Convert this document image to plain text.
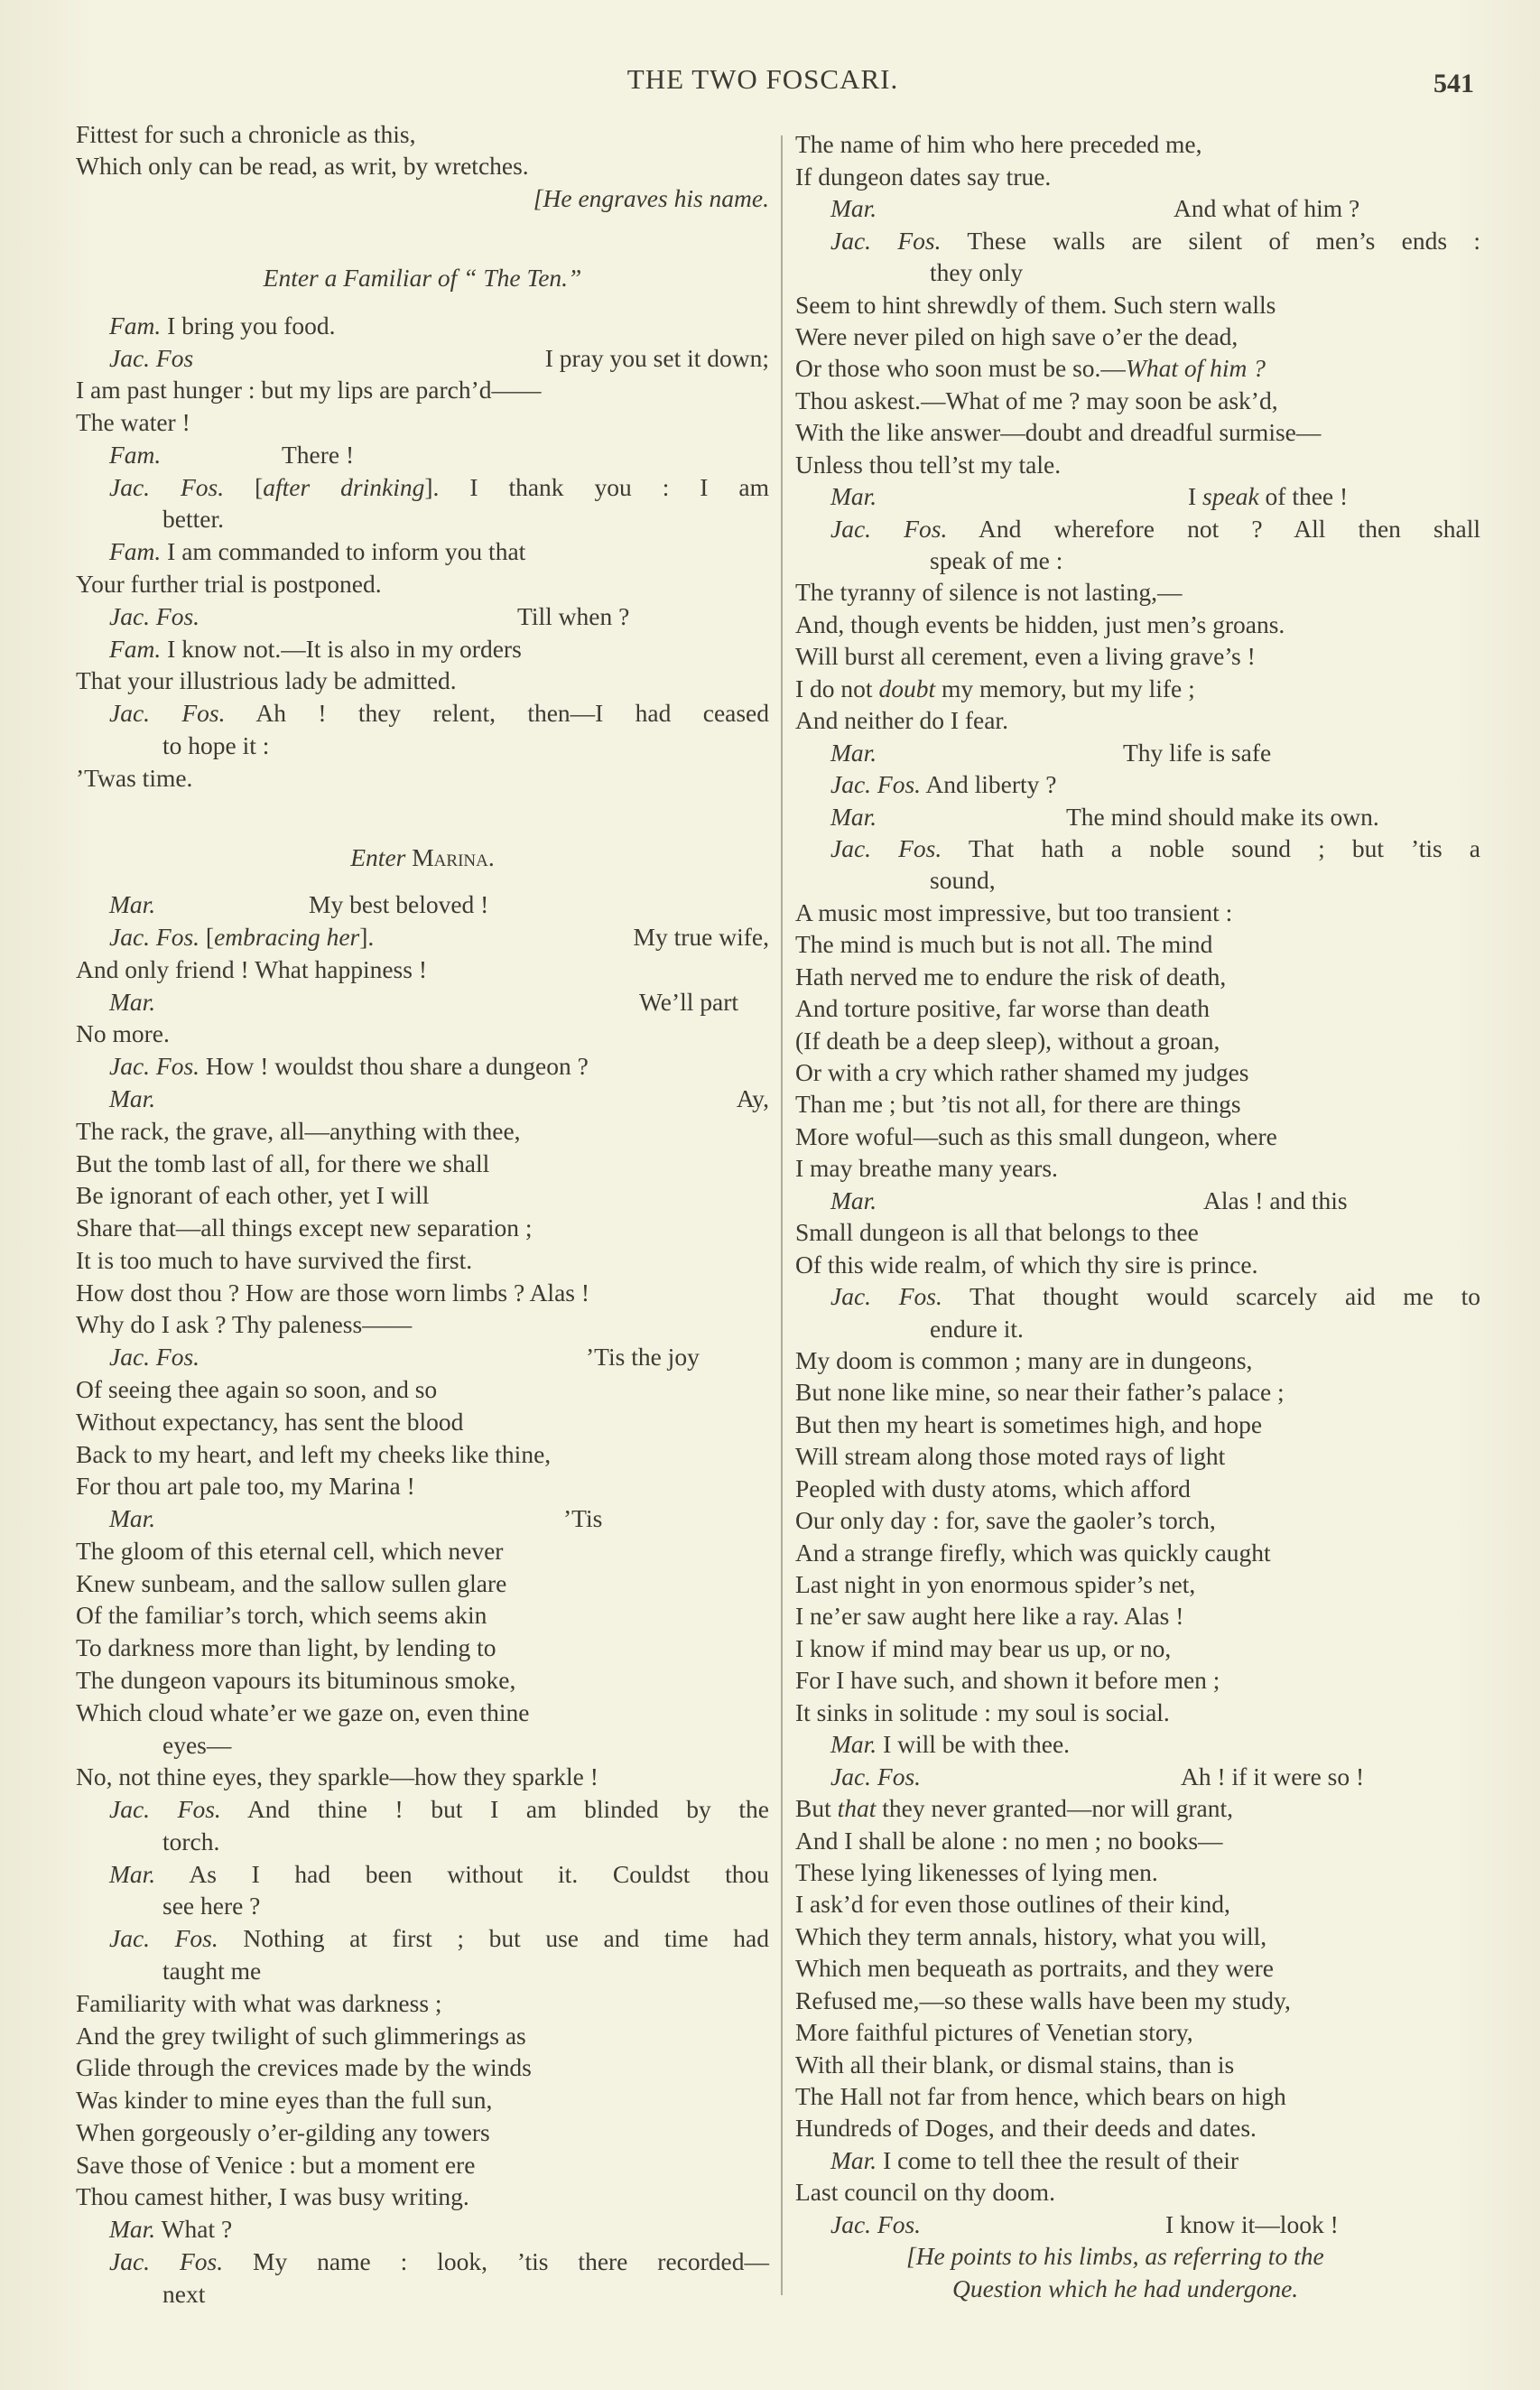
THE TWO FOSCARI.	541
Fittest for such a chronicle as this,
Which only can be read, as writ, by wretches.
[He engraves his name.
Enter a Familiar of “ The Ten.”
Fam. I bring you food.
Jac. Fos	I pray you set it down;
I am past hunger : but my lips are parch’d——
The water !
Fam.	There !
Jac. Fos. [after drinking]. I thank you : I am
better.
Fam. I am commanded to inform you that
Your further trial is postponed.
Jac. Fos.	Till when ?
Fam. I know not.—It is also in my orders
That your illustrious lady be admitted.
Jac. Fos. Ah ! they relent, then—I had ceased
to hope it :
’Twas time.
Enter Marina.
Mar.	My best beloved !
Jac. Fos. [embracing her].	My true wife,
And only friend ! What happiness !
Mar.	We’ll part
No more.
Jac. Fos. How ! wouldst thou share a dungeon ?
Mar.	Ay,
The rack, the grave, all—anything with thee,
But the tomb last of all, for there we shall
Be ignorant of each other, yet I will
Share that—all things except new separation ;
It is too much to have survived the first.
How dost thou ? How are those worn limbs ? Alas !
Why do I ask ? Thy paleness——
Jac. Fos.	’Tis the joy
Of seeing thee again so soon, and so
Without expectancy, has sent the blood
Back to my heart, and left my cheeks like thine,
For thou art pale too, my Marina !
Mar.	’Tis
The gloom of this eternal cell, which never
Knew sunbeam, and the sallow sullen glare
Of the familiar’s torch, which seems akin
To darkness more than light, by lending to
The dungeon vapours its bituminous smoke,
Which cloud whate’er we gaze on, even thine
eyes—
No, not thine eyes, they sparkle—how they sparkle !
Jac. Fos. And thine ! but I am blinded by the
torch.
Mar. As I had been without it. Couldst thou
see here ?
Jac. Fos. Nothing at first ; but use and time had
taught me
Familiarity with what was darkness ;
And the grey twilight of such glimmerings as
Glide through the crevices made by the winds
Was kinder to mine eyes than the full sun,
When gorgeously o’er-gilding any towers
Save those of Venice : but a moment ere
Thou camest hither, I was busy writing.
Mar. What ?
Jac. Fos. My name : look, ’tis there recorded—
next
The name of him who here preceded me,
If dungeon dates say true.
Mar.	And what of him ?
Jac. Fos. These walls are silent of men’s ends :
they only
Seem to hint shrewdly of them. Such stern walls
Were never piled on high save o’er the dead,
Or those who soon must be so.—What of him ?
Thou askest.—What of me ? may soon be ask’d,
With the like answer—doubt and dreadful surmise—
Unless thou tell’st my tale.
Mar.	I speak of thee !
Jac. Fos. And wherefore not ? All then shall
speak of me :
The tyranny of silence is not lasting,—
And, though events be hidden, just men’s groans.
Will burst all cerement, even a living grave’s !
I do not doubt my memory, but my life ;
And neither do I fear.
Mar.	Thy life is safe
Jac. Fos. And liberty ?
Mar.	The mind should make its own.
Jac. Fos. That hath a noble sound ; but ’tis a
sound,
A music most impressive, but too transient :
The mind is much but is not all. The mind
Hath nerved me to endure the risk of death,
And torture positive, far worse than death
(If death be a deep sleep), without a groan,
Or with a cry which rather shamed my judges
Than me ; but ’tis not all, for there are things
More woful—such as this small dungeon, where
I may breathe many years.
Mar.	Alas ! and this
Small dungeon is all that belongs to thee
Of this wide realm, of which thy sire is prince.
Jac. Fos. That thought would scarcely aid me to
endure it.
My doom is common ; many are in dungeons,
But none like mine, so near their father’s palace ;
But then my heart is sometimes high, and hope
Will stream along those moted rays of light
Peopled with dusty atoms, which afford
Our only day : for, save the gaoler’s torch,
And a strange firefly, which was quickly caught
Last night in yon enormous spider’s net,
I ne’er saw aught here like a ray. Alas !
I know if mind may bear us up, or no,
For I have such, and shown it before men ;
It sinks in solitude : my soul is social.
Mar. I will be with thee.
Jac. Fos.	Ah ! if it were so !
But that they never granted—nor will grant,
And I shall be alone : no men ; no books—
These lying likenesses of lying men.
I ask’d for even those outlines of their kind,
Which they term annals, history, what you will,
Which men bequeath as portraits, and they were
Refused me,—so these walls have been my study,
More faithful pictures of Venetian story,
With all their blank, or dismal stains, than is
The Hall not far from hence, which bears on high
Hundreds of Doges, and their deeds and dates.
Mar. I come to tell thee the result of their
Last council on thy doom.
Jac. Fos.	I know it—look !
[He points to his limbs, as referring to the
Question which he had undergone.
